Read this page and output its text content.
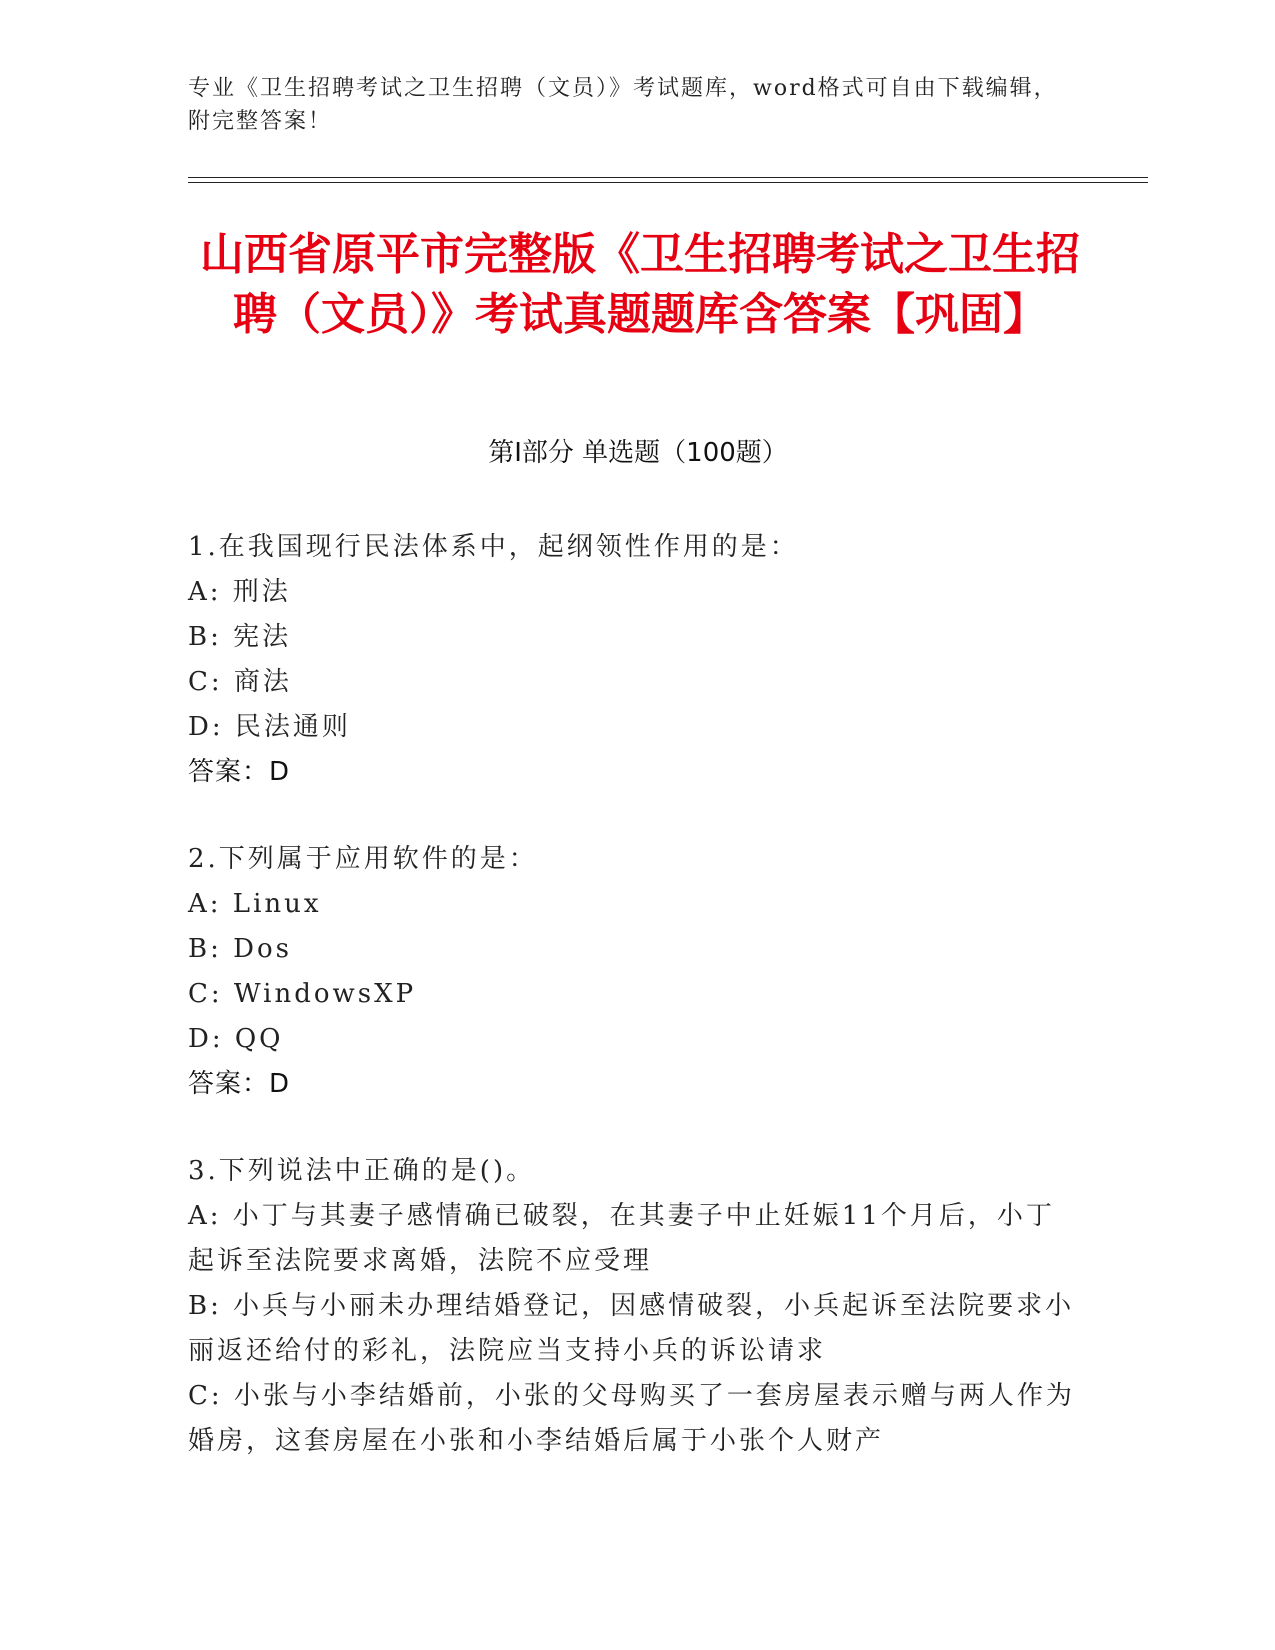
专业《卫生招聘考试之卫生招聘（文员）》考试题库，word格式可自由下载编辑，附完整答案！
山西省原平市完整版《卫生招聘考试之卫生招聘（文员）》考试真题题库含答案【巩固】
第I部分 单选题（100题）
1.在我国现行民法体系中，起纲领性作用的是：
A: 刑法
B: 宪法
C: 商法
D: 民法通则
答案：D
2.下列属于应用软件的是：
A: Linux
B: Dos
C: WindowsXP
D: QQ
答案：D
3.下列说法中正确的是()。
A: 小丁与其妻子感情确已破裂，在其妻子中止妊娠11个月后，小丁起诉至法院要求离婚，法院不应受理
B: 小兵与小丽未办理结婚登记，因感情破裂，小兵起诉至法院要求小丽返还给付的彩礼，法院应当支持小兵的诉讼请求
C: 小张与小李结婚前，小张的父母购买了一套房屋表示赠与两人作为婚房，这套房屋在小张和小李结婚后属于小张个人财产
